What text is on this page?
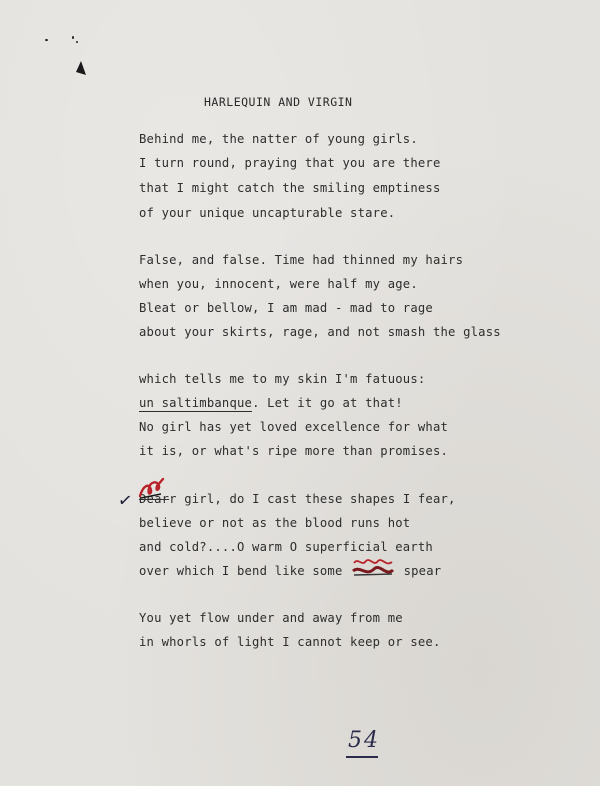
HARLEQUIN AND VIRGIN
Behind me, the natter of young girls.
I turn round, praying that you are there
that I might catch the smiling emptiness
of your unique uncapturable stare.
False, and false. Time had thinned my hairs
when you, innocent, were half my age.
Bleat or bellow, I am mad - mad to rage
about your skirts, rage, and not smash the glass
which tells me to my skin I'm fatuous:
un saltimbanque. Let it go at that!
No girl has yet loved excellence for what
it is, or what's ripe more than promises.
✓ Dear
r girl, do I cast these shapes I fear,
believe or not as the blood runs hot
and cold?....O warm O superficial earth
over which I bend like some	spear
You yet flow under and away from me
in whorls of light I cannot keep or see.
54
